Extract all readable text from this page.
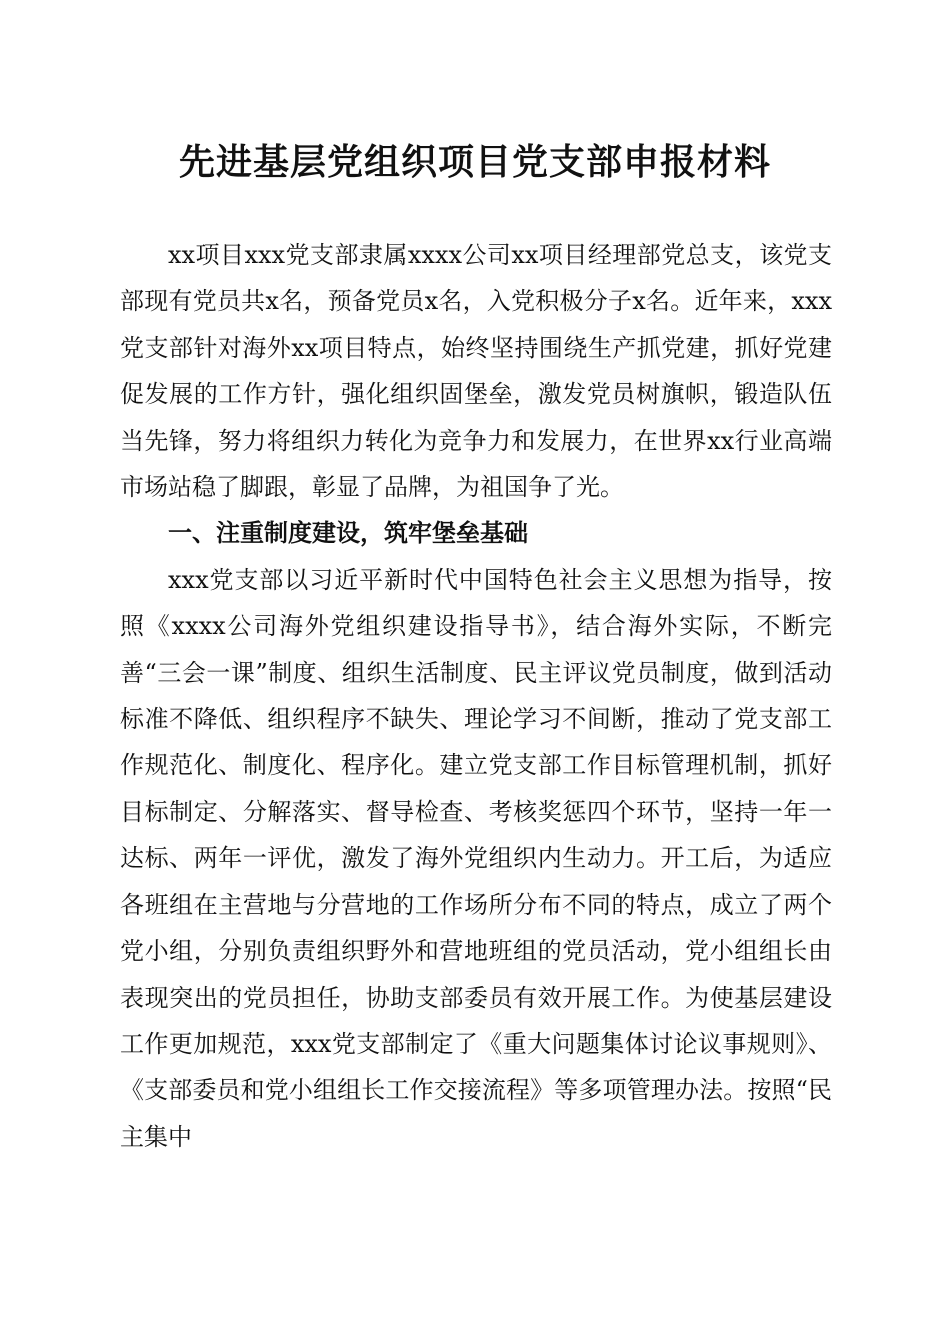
先进基层党组织项目党支部申报材料

xx项目xxx党支部隶属xxxx公司xx项目经理部党总支，该党支部现有党员共x名，预备党员x名，入党积极分子x名。近年来，xxx党支部针对海外xx项目特点，始终坚持围绕生产抓党建，抓好党建促发展的工作方针，强化组织固堡垒，激发党员树旗帜，锻造队伍当先锋，努力将组织力转化为竞争力和发展力，在世界xx行业高端市场站稳了脚跟，彰显了品牌，为祖国争了光。

一、注重制度建设，筑牢堡垒基础

xxx党支部以习近平新时代中国特色社会主义思想为指导，按照《xxxx公司海外党组织建设指导书》，结合海外实际，不断完善“三会一课”制度、组织生活制度、民主评议党员制度，做到活动标准不降低、组织程序不缺失、理论学习不间断，推动了党支部工作规范化、制度化、程序化。建立党支部工作目标管理机制，抓好目标制定、分解落实、督导检查、考核奖惩四个环节，坚持一年一达标、两年一评优，激发了海外党组织内生动力。开工后，为适应各班组在主营地与分营地的工作场所分布不同的特点，成立了两个党小组，分别负责组织野外和营地班组的党员活动，党小组组长由表现突出的党员担任，协助支部委员有效开展工作。为使基层建设工作更加规范，xxx党支部制定了《重大问题集体讨论议事规则》、《支部委员和党小组组长工作交接流程》等多项管理办法。按照“民主集中
